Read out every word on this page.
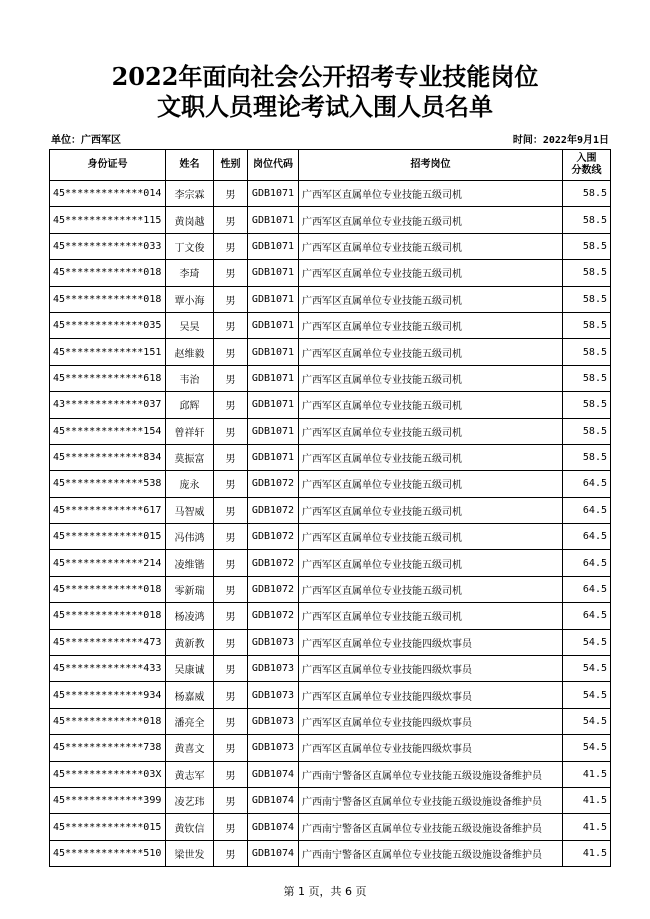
2022年面向社会公开招考专业技能岗位
文职人员理论考试入围人员名单
单位：广西军区	时间：2022年9月1日
身份证号	姓名	性别	岗位代码	招考岗位	入围
分数线

45*************014	李宗霖	男	GDB1071	广西军区直属单位专业技能五级司机	58.5
45*************115	黄岗越	男	GDB1071	广西军区直属单位专业技能五级司机	58.5
45*************033	丁文俊	男	GDB1071	广西军区直属单位专业技能五级司机	58.5
45*************018	李琦	男	GDB1071	广西军区直属单位专业技能五级司机	58.5
45*************018	覃小海	男	GDB1071	广西军区直属单位专业技能五级司机	58.5
45*************035	吴昊	男	GDB1071	广西军区直属单位专业技能五级司机	58.5
45*************151	赵维毅	男	GDB1071	广西军区直属单位专业技能五级司机	58.5
45*************618	韦治	男	GDB1071	广西军区直属单位专业技能五级司机	58.5
43*************037	邱辉	男	GDB1071	广西军区直属单位专业技能五级司机	58.5
45*************154	曾祥轩	男	GDB1071	广西军区直属单位专业技能五级司机	58.5
45*************834	莫振富	男	GDB1071	广西军区直属单位专业技能五级司机	58.5
45*************538	庞永	男	GDB1072	广西军区直属单位专业技能五级司机	64.5
45*************617	马智威	男	GDB1072	广西军区直属单位专业技能五级司机	64.5
45*************015	冯伟鸿	男	GDB1072	广西军区直属单位专业技能五级司机	64.5
45*************214	凌维锴	男	GDB1072	广西军区直属单位专业技能五级司机	64.5
45*************018	零新瑞	男	GDB1072	广西军区直属单位专业技能五级司机	64.5
45*************018	杨凌鸿	男	GDB1072	广西军区直属单位专业技能五级司机	64.5
45*************473	黄新教	男	GDB1073	广西军区直属单位专业技能四级炊事员	54.5
45*************433	吴康诚	男	GDB1073	广西军区直属单位专业技能四级炊事员	54.5
45*************934	杨嘉威	男	GDB1073	广西军区直属单位专业技能四级炊事员	54.5
45*************018	潘亮全	男	GDB1073	广西军区直属单位专业技能四级炊事员	54.5
45*************738	黄喜文	男	GDB1073	广西军区直属单位专业技能四级炊事员	54.5
45*************03X	黄志军	男	GDB1074	广西南宁警备区直属单位专业技能五级设施设备维护员	41.5
45*************399	凌艺玮	男	GDB1074	广西南宁警备区直属单位专业技能五级设施设备维护员	41.5
45*************015	黄钦信	男	GDB1074	广西南宁警备区直属单位专业技能五级设施设备维护员	41.5
45*************510	梁世发	男	GDB1074	广西南宁警备区直属单位专业技能五级设施设备维护员	41.5
第 1 页，共 6 页
